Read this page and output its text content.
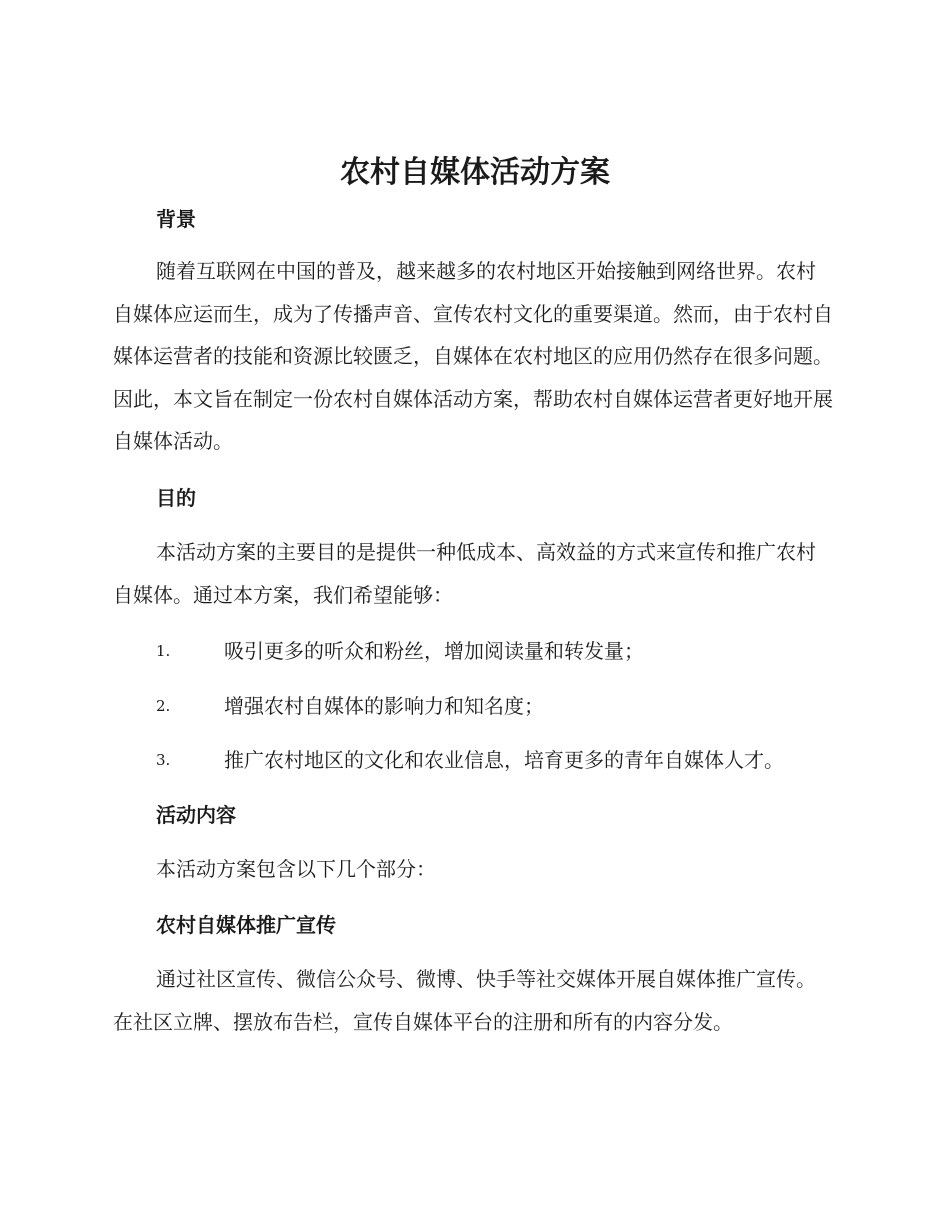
农村自媒体活动方案
背景

随着互联网在中国的普及，越来越多的农村地区开始接触到网络世界。农村自媒体应运而生，成为了传播声音、宣传农村文化的重要渠道。然而，由于农村自媒体运营者的技能和资源比较匮乏，自媒体在农村地区的应用仍然存在很多问题。因此，本文旨在制定一份农村自媒体活动方案，帮助农村自媒体运营者更好地开展自媒体活动。

目的

本活动方案的主要目的是提供一种低成本、高效益的方式来宣传和推广农村自媒体。通过本方案，我们希望能够：

1.	吸引更多的听众和粉丝，增加阅读量和转发量；
2.	增强农村自媒体的影响力和知名度；
3.	推广农村地区的文化和农业信息，培育更多的青年自媒体人才。
活动内容

本活动方案包含以下几个部分：

农村自媒体推广宣传

通过社区宣传、微信公众号、微博、快手等社交媒体开展自媒体推广宣传。在社区立牌、摆放布告栏，宣传自媒体平台的注册和所有的内容分发。
